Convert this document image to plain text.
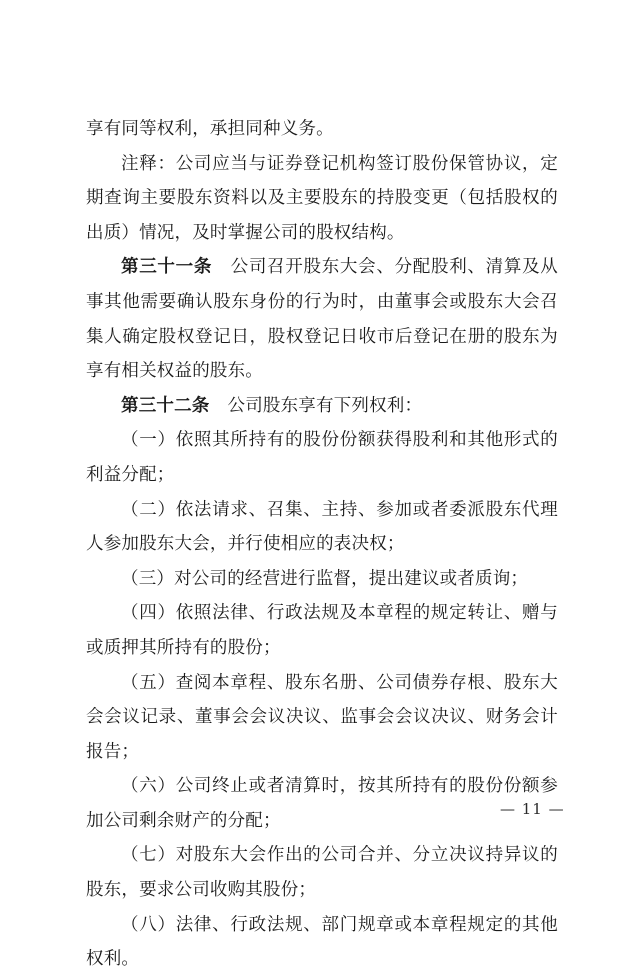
享有同等权利，承担同种义务。

注释：公司应当与证券登记机构签订股份保管协议，定期查询主要股东资料以及主要股东的持股变更（包括股权的出质）情况，及时掌握公司的股权结构。

第三十一条 公司召开股东大会、分配股利、清算及从事其他需要确认股东身份的行为时，由董事会或股东大会召集人确定股权登记日，股权登记日收市后登记在册的股东为享有相关权益的股东。

第三十二条 公司股东享有下列权利：

（一）依照其所持有的股份份额获得股利和其他形式的利益分配；

（二）依法请求、召集、主持、参加或者委派股东代理人参加股东大会，并行使相应的表决权；

（三）对公司的经营进行监督，提出建议或者质询；

（四）依照法律、行政法规及本章程的规定转让、赠与或质押其所持有的股份；

（五）查阅本章程、股东名册、公司债券存根、股东大会会议记录、董事会会议决议、监事会会议决议、财务会计报告；

（六）公司终止或者清算时，按其所持有的股份份额参加公司剩余财产的分配；

（七）对股东大会作出的公司合并、分立决议持异议的股东，要求公司收购其股份；

（八）法律、行政法规、部门规章或本章程规定的其他权利。

— 11 —
